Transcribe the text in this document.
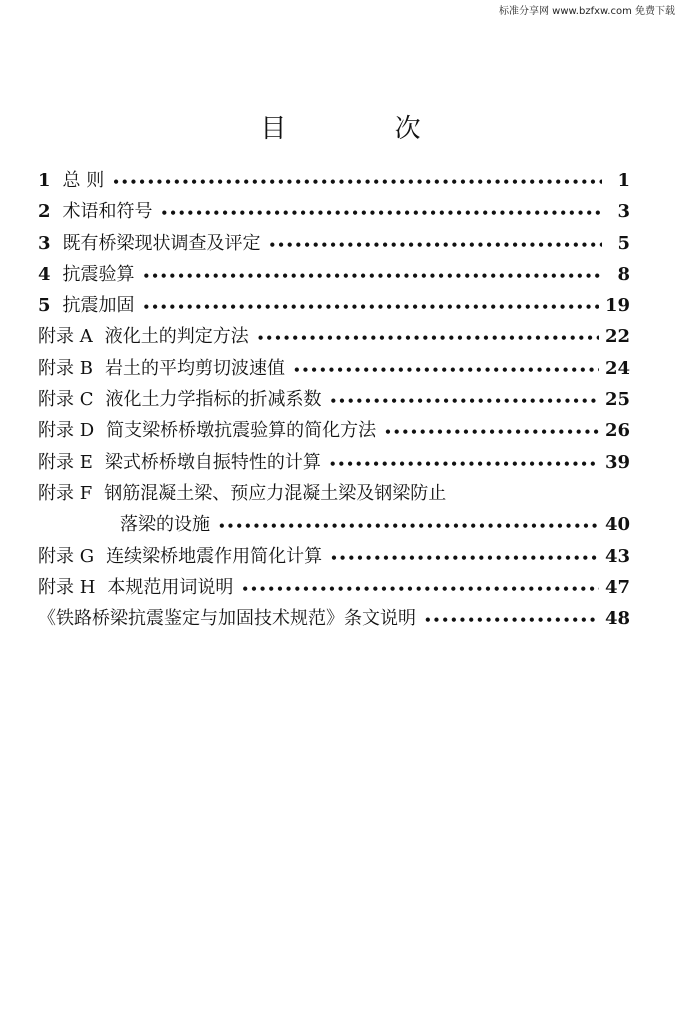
标准分享网 www.bzfxw.com 免费下载
目 次
1 总 则 •••••	1
2 术语和符号 •••••	3
3 既有桥梁现状调查及评定 •••••	5
4 抗震验算 •••••	8
5 抗震加固 •••••	19
附录 A 液化土的判定方法 •••••	22
附录 B 岩土的平均剪切波速值 •••••	24
附录 C 液化土力学指标的折减系数 •••••	25
附录 D 简支梁桥桥墩抗震验算的简化方法 •••••	26
附录 E 梁式桥桥墩自振特性的计算 •••••	39
附录 F 钢筋混凝土梁、预应力混凝土梁及钢梁防止
落梁的设施 •••••	40
附录 G 连续梁桥地震作用简化计算 •••••	43
附录 H 本规范用词说明 •••••	47
《铁路桥梁抗震鉴定与加固技术规范》条文说明 •••••	48
